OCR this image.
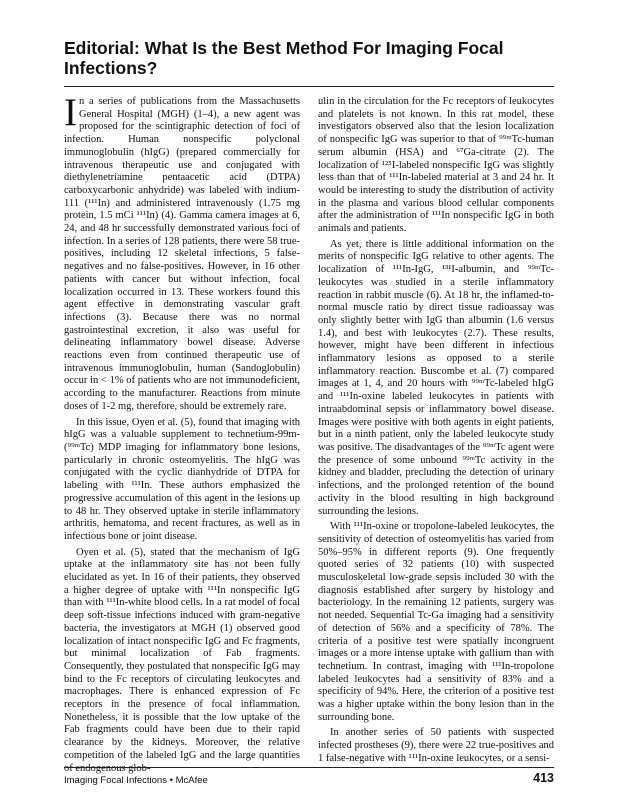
Editorial: What Is the Best Method For Imaging Focal Infections?

In a series of publications from the Massachusetts General Hospital (MGH) (1–4), a new agent was proposed for the scintigraphic detection of foci of infection. Human nonspecific polyclonal immunoglobulin (hIgG) (prepared commercially for intravenous therapeutic use and conjugated with diethylenetriamine pentaacetic acid (DTPA) carboxycarbonic anhydride) was labeled with indium-111 (¹¹¹In) and administered intravenously (1.75 mg protein, 1.5 mCi ¹¹¹In) (4). Gamma camera images at 6, 24, and 48 hr successfully demonstrated various foci of infection. In a series of 128 patients, there were 58 true-positives, including 12 skeletal infections, 5 false-negatives and no false-positives. However, in 16 other patients with cancer but without infection, focal localization occurred in 13. These workers found this agent effective in demonstrating vascular graft infections (3). Because there was no normal gastrointestinal excretion, it also was useful for delineating inflammatory bowel disease. Adverse reactions even from continued therapeutic use of intravenous immunoglobulin, human (Sandoglobulin) occur in < 1% of patients who are not immunodeficient, according to the manufacturer. Reactions from minute doses of 1-2 mg, therefore, should be extremely rare.

In this issue, Oyen et al. (5), found that imaging with hIgG was a valuable supplement to technetium-99m-(⁹⁹ᵐTc) MDP imaging for inflammatory bone lesions, particularly in chronic osteomyelitis. The hIgG was conjugated with the cyclic dianhydride of DTPA for labeling with ¹¹¹In. These authors emphasized the progressive accumulation of this agent in the lesions up to 48 hr. They observed uptake in sterile inflammatory arthritis, hematoma, and recent fractures, as well as in infectious bone or joint disease.

Oyen et al. (5), stated that the mechanism of IgG uptake at the inflammatory site has not been fully elucidated as yet. In 16 of their patients, they observed a higher degree of uptake with ¹¹¹In nonspecific IgG than with ¹¹¹In-white blood cells. In a rat model of focal deep soft-tissue infections induced with gram-negative bacteria, the investigators at MGH (1) observed good localization of intact nonspecific IgG and Fc fragments, but minimal localization of Fab fragments. Consequently, they postulated that nonspecific IgG may bind to the Fc receptors of circulating leukocytes and macrophages. There is enhanced expression of Fc receptors in the presence of focal inflammation. Nonetheless, it is possible that the low uptake of the Fab fragments could have been due to their rapid clearance by the kidneys. Moreover, the relative competition of the labeled IgG and the large quantities of endogenous glob-

ulin in the circulation for the Fc receptors of leukocytes and platelets is not known. In this rat model, these investigators observed also that the lesion localization of nonspecific IgG was superior to that of ⁹⁹ᵐTc-human serum albumin (HSA) and ⁶⁷Ga-citrate (2). The localization of ¹²⁵I-labeled nonspecific IgG was slightly less than that of ¹¹¹In-labeled material at 3 and 24 hr. It would be interesting to study the distribution of activity in the plasma and various blood cellular components after the administration of ¹¹¹In nonspecific IgG in both animals and patients.

As yet, there is little additional information on the merits of nonspecific IgG relative to other agents. The localization of ¹¹¹In-IgG, ¹³¹I-albumin, and ⁹⁹ᵐTc-leukocytes was studied in a sterile inflammatory reaction in rabbit muscle (6). At 18 hr, the inflamed-to-normal muscle ratio by direct tissue radioassay was only slightly better with IgG than albumin (1.6 versus 1.4), and best with leukocytes (2.7). These results, however, might have been different in infectious inflammatory lesions as opposed to a sterile inflammatory reaction. Buscombe et al. (7) compared images at 1, 4, and 20 hours with ⁹⁹ᵐTc-labeled hIgG and ¹¹¹In-oxine labeled leukocytes in patients with intraabdominal sepsis or inflammatory bowel disease. Images were positive with both agents in eight patients, but in a ninth patient, only the labeled leukocyte study was positive. The disadvantages of the ⁹⁹ᵐTc agent were the presence of some unbound ⁹⁹ᵐTc activity in the kidney and bladder, precluding the detection of urinary infections, and the prolonged retention of the bound activity in the blood resulting in high background surrounding the lesions.

With ¹¹¹In-oxine or tropolone-labeled leukocytes, the sensitivity of detection of osteomyelitis has varied from 50%–95% in different reports (9). One frequently quoted series of 32 patients (10) with suspected musculoskeletal low-grade sepsis included 30 with the diagnosis established after surgery by histology and bacteriology. In the remaining 12 patients, surgery was not needed. Sequential Tc-Ga imaging had a sensitivity of detection of 56% and a specificity of 78%. The criteria of a positive test were spatially incongruent images or a more intense uptake with gallium than with technetium. In contrast, imaging with ¹¹¹In-tropolone labeled leukocytes had a sensitivity of 83% and a specificity of 94%. Here, the criterion of a positive test was a higher uptake within the bony lesion than in the surrounding bone.

In another series of 50 patients with suspected infected prostheses (9), there were 22 true-positives and 1 false-negative with ¹¹¹In-oxine leukocytes, or a sensi-

Imaging Focal Infections • McAfee	413
